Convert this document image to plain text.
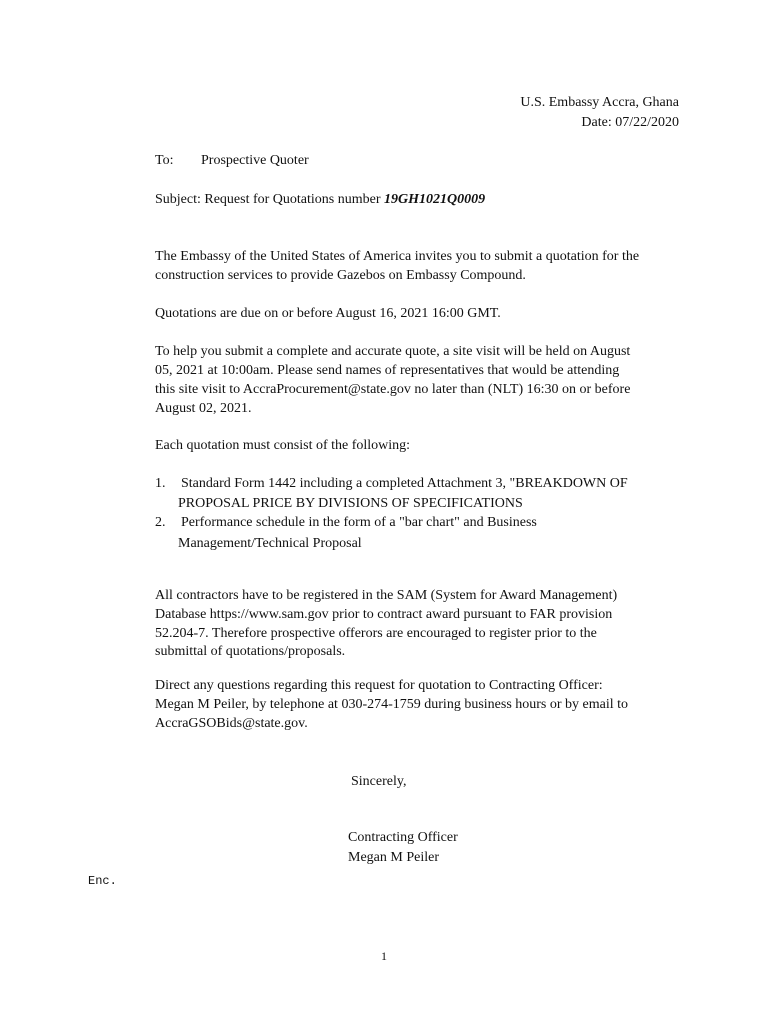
U.S. Embassy Accra, Ghana
Date: 07/22/2020
To: Prospective Quoter
Subject: Request for Quotations number 19GH1021Q0009
The Embassy of the United States of America invites you to submit a quotation for the
construction services to provide Gazebos on Embassy Compound.
Quotations are due on or before August 16, 2021 16:00 GMT.
To help you submit a complete and accurate quote, a site visit will be held on August
05, 2021 at 10:00am. Please send names of representatives that would be attending
this site visit to AccraProcurement@state.gov no later than (NLT) 16:30 on or before
August 02, 2021.
Each quotation must consist of the following:
1. Standard Form 1442 including a completed Attachment 3, "BREAKDOWN OF
PROPOSAL PRICE BY DIVISIONS OF SPECIFICATIONS
2. Performance schedule in the form of a "bar chart" and Business
Management/Technical Proposal
All contractors have to be registered in the SAM (System for Award Management)
Database https://www.sam.gov prior to contract award pursuant to FAR provision
52.204-7. Therefore prospective offerors are encouraged to register prior to the
submittal of quotations/proposals.
Direct any questions regarding this request for quotation to Contracting Officer:
Megan M Peiler, by telephone at 030-274-1759 during business hours or by email to
AccraGSOBids@state.gov.
Sincerely,
Contracting Officer
Megan M Peiler
Enc.
1
